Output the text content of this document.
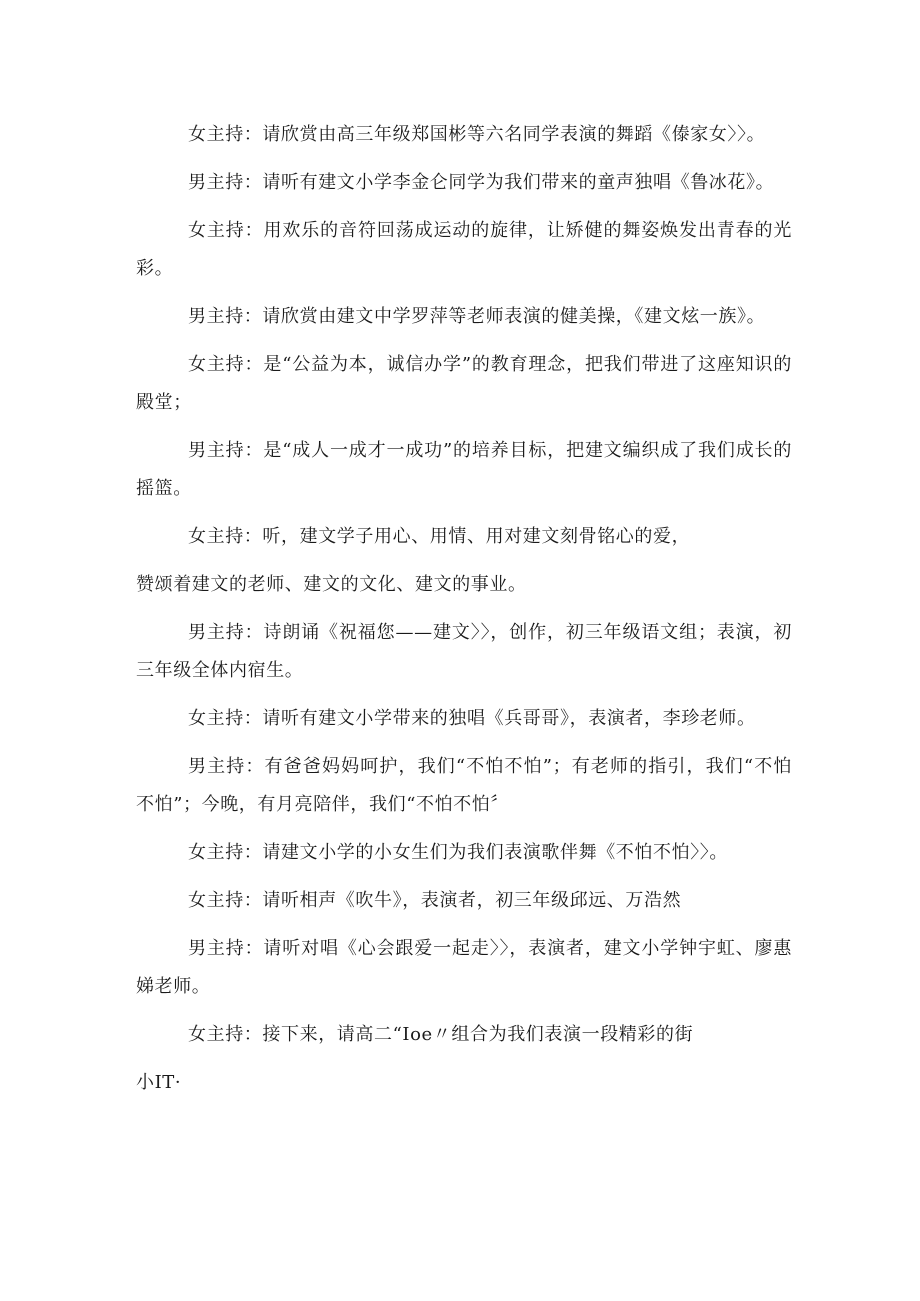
女主持：请欣赏由高三年级郑国彬等六名同学表演的舞蹈《傣家女〉〉。

男主持：请听有建文小学李金仑同学为我们带来的童声独唱《鲁冰花》。

女主持：用欢乐的音符回荡成运动的旋律，让矫健的舞姿焕发出青春的光彩。

男主持：请欣赏由建文中学罗萍等老师表演的健美操，《建文炫一族》。

女主持：是“公益为本，诚信办学”的教育理念，把我们带进了这座知识的殿堂；

男主持：是“成人一成才一成功”的培养目标，把建文编织成了我们成长的摇篮。

女主持：听，建文学子用心、用情、用对建文刻骨铭心的爱，

赞颂着建文的老师、建文的文化、建文的事业。

男主持：诗朗诵《祝福您——建文〉〉，创作，初三年级语文组；表演，初三年级全体内宿生。

女主持：请听有建文小学带来的独唱《兵哥哥》，表演者，李珍老师。

男主持：有爸爸妈妈呵护，我们“不怕不怕”；有老师的指引，我们“不怕不怕”；今晚，有月亮陪伴，我们“不怕不怕〞

女主持：请建文小学的小女生们为我们表演歌伴舞《不怕不怕〉〉。

女主持：请听相声《吹牛》，表演者，初三年级邱远、万浩然

男主持：请听对唱《心会跟爱一起走〉〉，表演者，建文小学钟宇虹、廖惠娣老师。

女主持：接下来，请高二“Ioe〃组合为我们表演一段精彩的街

小IT·
